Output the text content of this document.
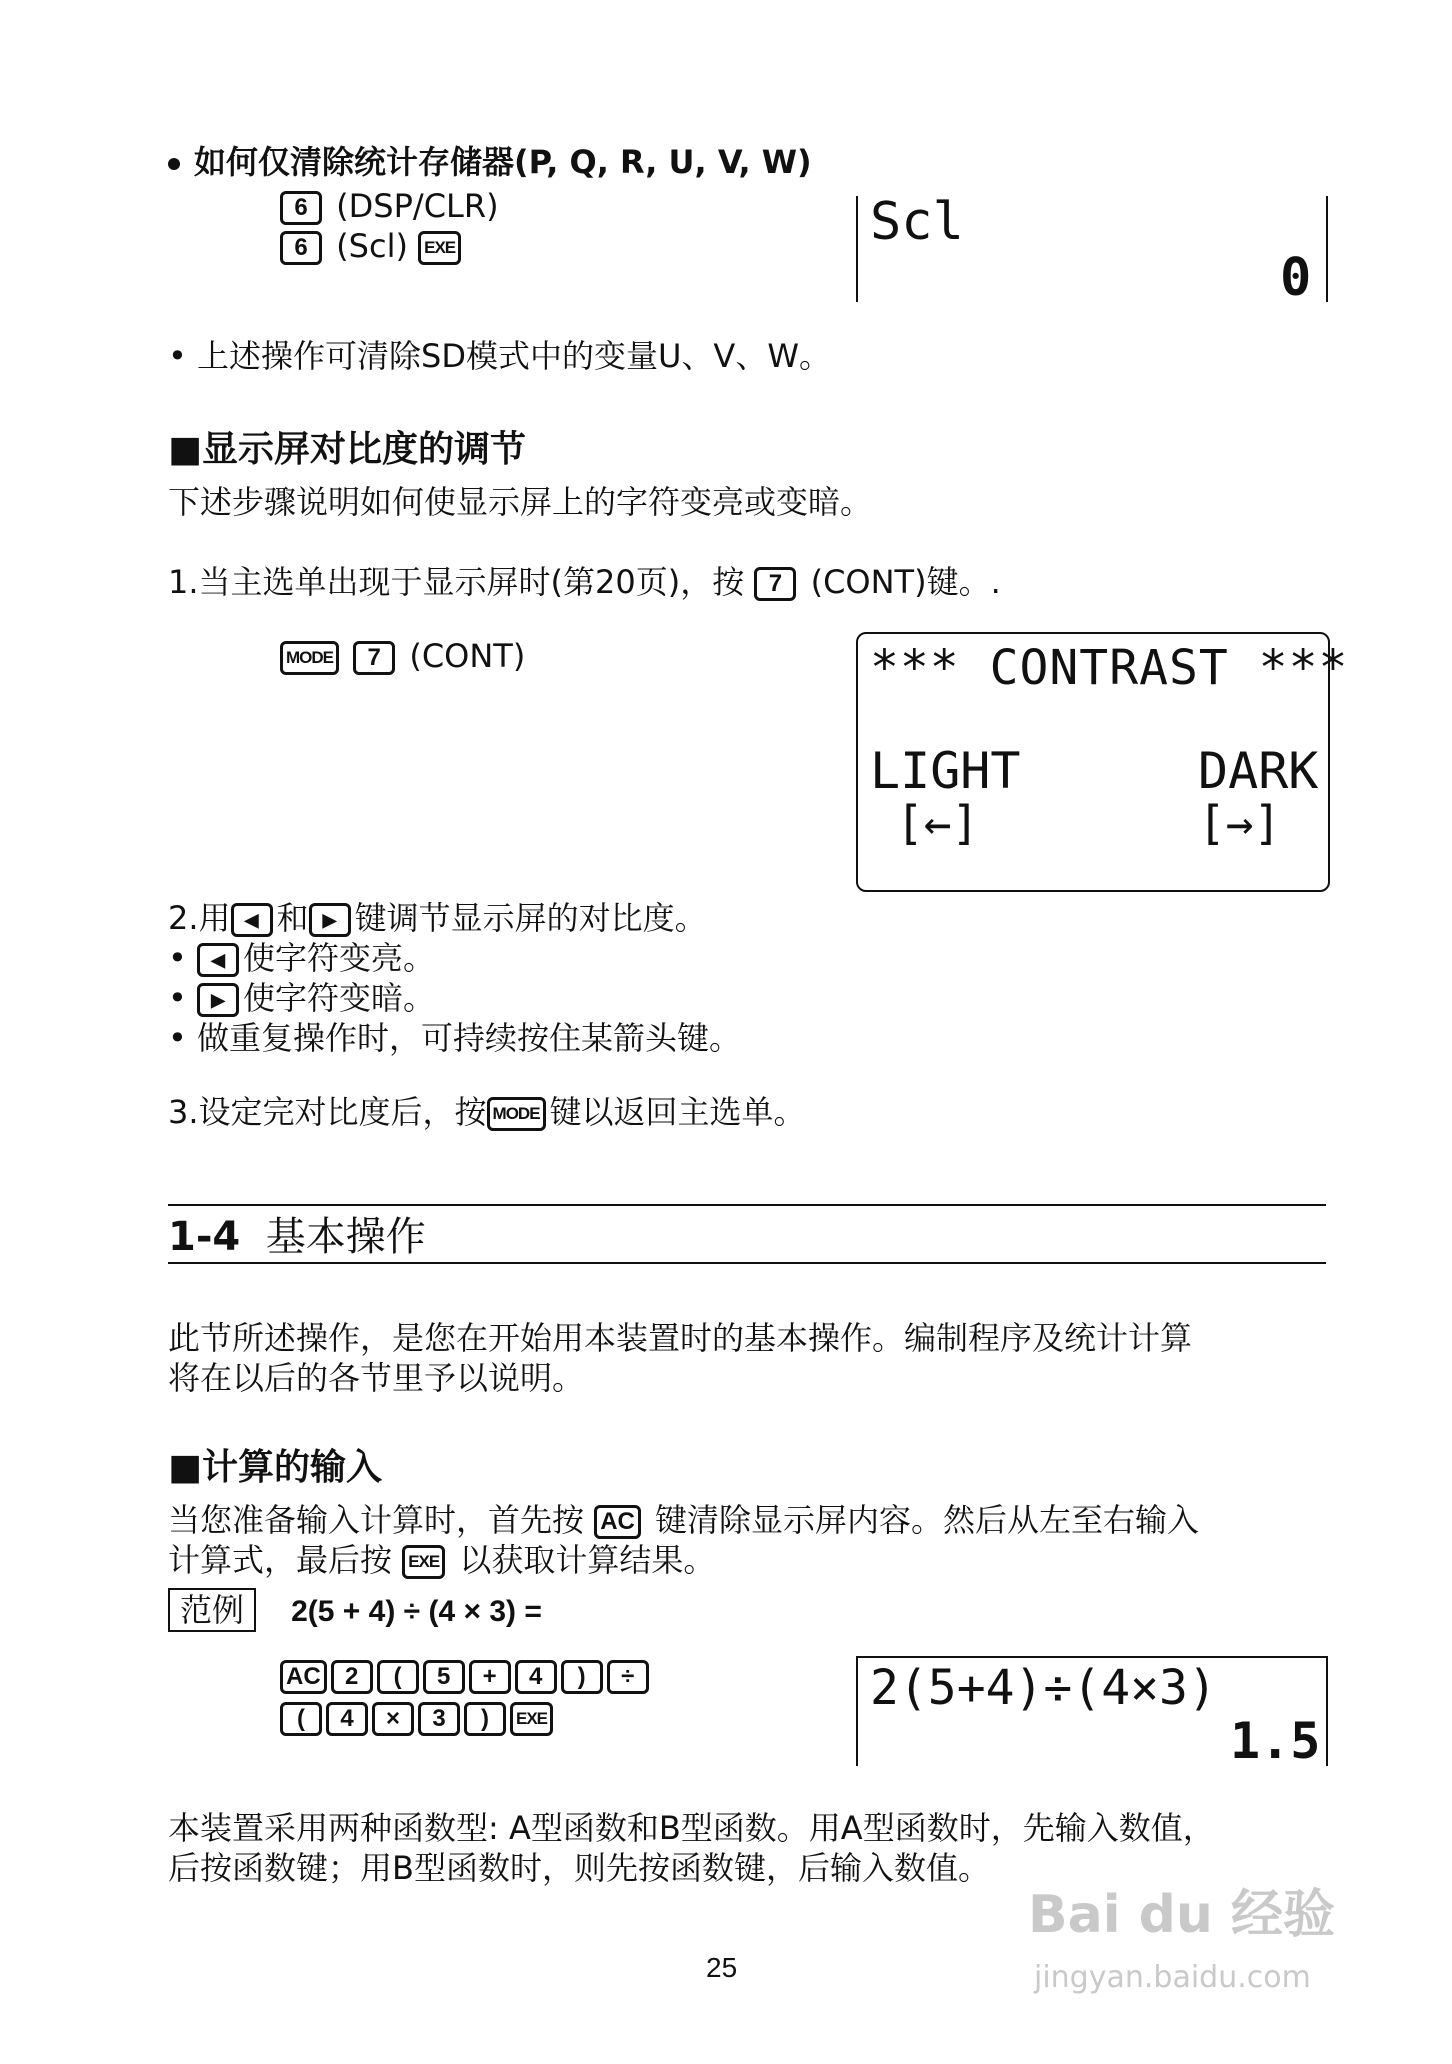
如何仅清除统计存储器(P, Q, R, U, V, W)
6 (DSP/CLR)
6 (Scl) EXE	Scl
0
• 上述操作可清除SD模式中的变量U、V、W。
■显示屏对比度的调节
下述步骤说明如何使显示屏上的字符变亮或变暗。
1.当主选单出现于显示屏时(第20页)，按 7 (CONT)键。.
MODE 7 (CONT)	*** CONTRAST ***
LIGHT	DARK
[←]	[→]
2.用 ◀ 和 ▶ 键调节显示屏的对比度。
• ◀ 使字符变亮。
• ▶ 使字符变暗。
• 做重复操作时，可持续按住某箭头键。
3.设定完对比度后，按 MODE 键以返回主选单。
1-4 基本操作
此节所述操作，是您在开始用本装置时的基本操作。编制程序及统计计算
将在以后的各节里予以说明。
■计算的输入
当您准备输入计算时，首先按 AC 键清除显示屏内容。然后从左至右输入
计算式，最后按 EXE 以获取计算结果。
范例 2(5 + 4) ÷ (4 × 3) =
AC 2 ( 5 + 4 ) ÷
( 4 × 3 ) EXE
2(5+4)÷(4×3)
1.5
本装置采用两种函数型: A型函数和B型函数。用A型函数时，先输入数值，
后按函数键；用B型函数时，则先按函数键，后输入数值。
25
Bai du 经验
jingyan.baidu.com
